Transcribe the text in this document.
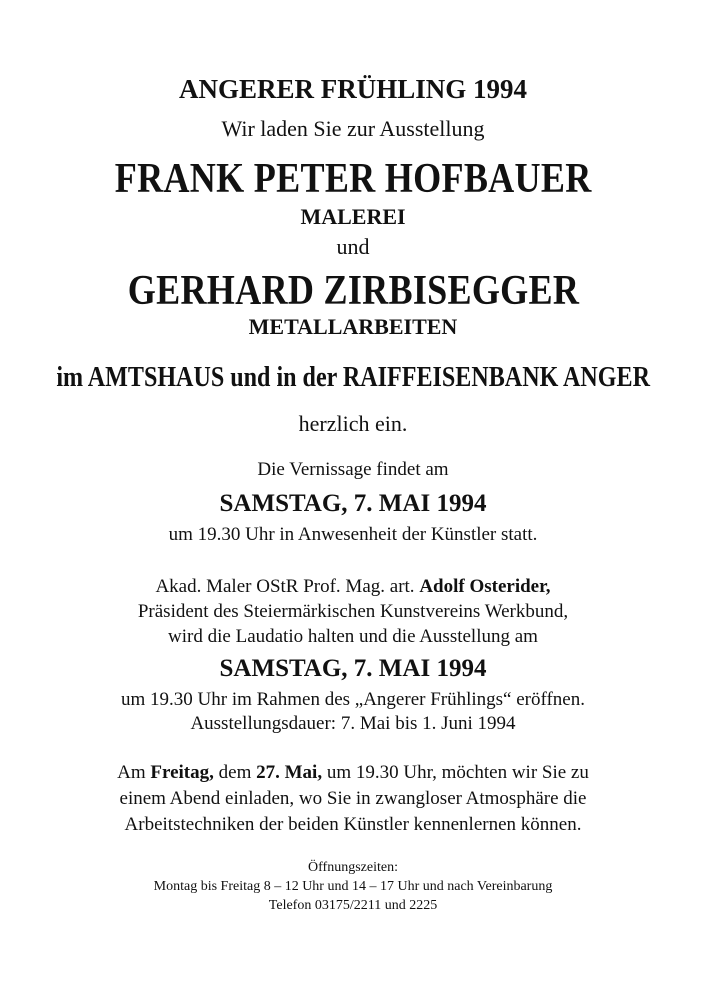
ANGERER FRÜHLING 1994
Wir laden Sie zur Ausstellung
FRANK PETER HOFBAUER
MALEREI
und
GERHARD ZIRBISEGGER
METALLARBEITEN
im AMTSHAUS und in der RAIFFEISENBANK ANGER
herzlich ein.
Die Vernissage findet am
SAMSTAG, 7. MAI 1994
um 19.30 Uhr in Anwesenheit der Künstler statt.
Akad. Maler OStR Prof. Mag. art. Adolf Osterider,
Präsident des Steiermärkischen Kunstvereins Werkbund,
wird die Laudatio halten und die Ausstellung am
SAMSTAG, 7. MAI 1994
um 19.30 Uhr im Rahmen des „Angerer Frühlings“ eröffnen.
Ausstellungsdauer: 7. Mai bis 1. Juni 1994
Am Freitag, dem 27. Mai, um 19.30 Uhr, möchten wir Sie zu
einem Abend einladen, wo Sie in zwangloser Atmosphäre die
Arbeitstechniken der beiden Künstler kennenlernen können.
Öffnungszeiten:
Montag bis Freitag 8 – 12 Uhr und 14 – 17 Uhr und nach Vereinbarung
Telefon 03175/2211 und 2225
